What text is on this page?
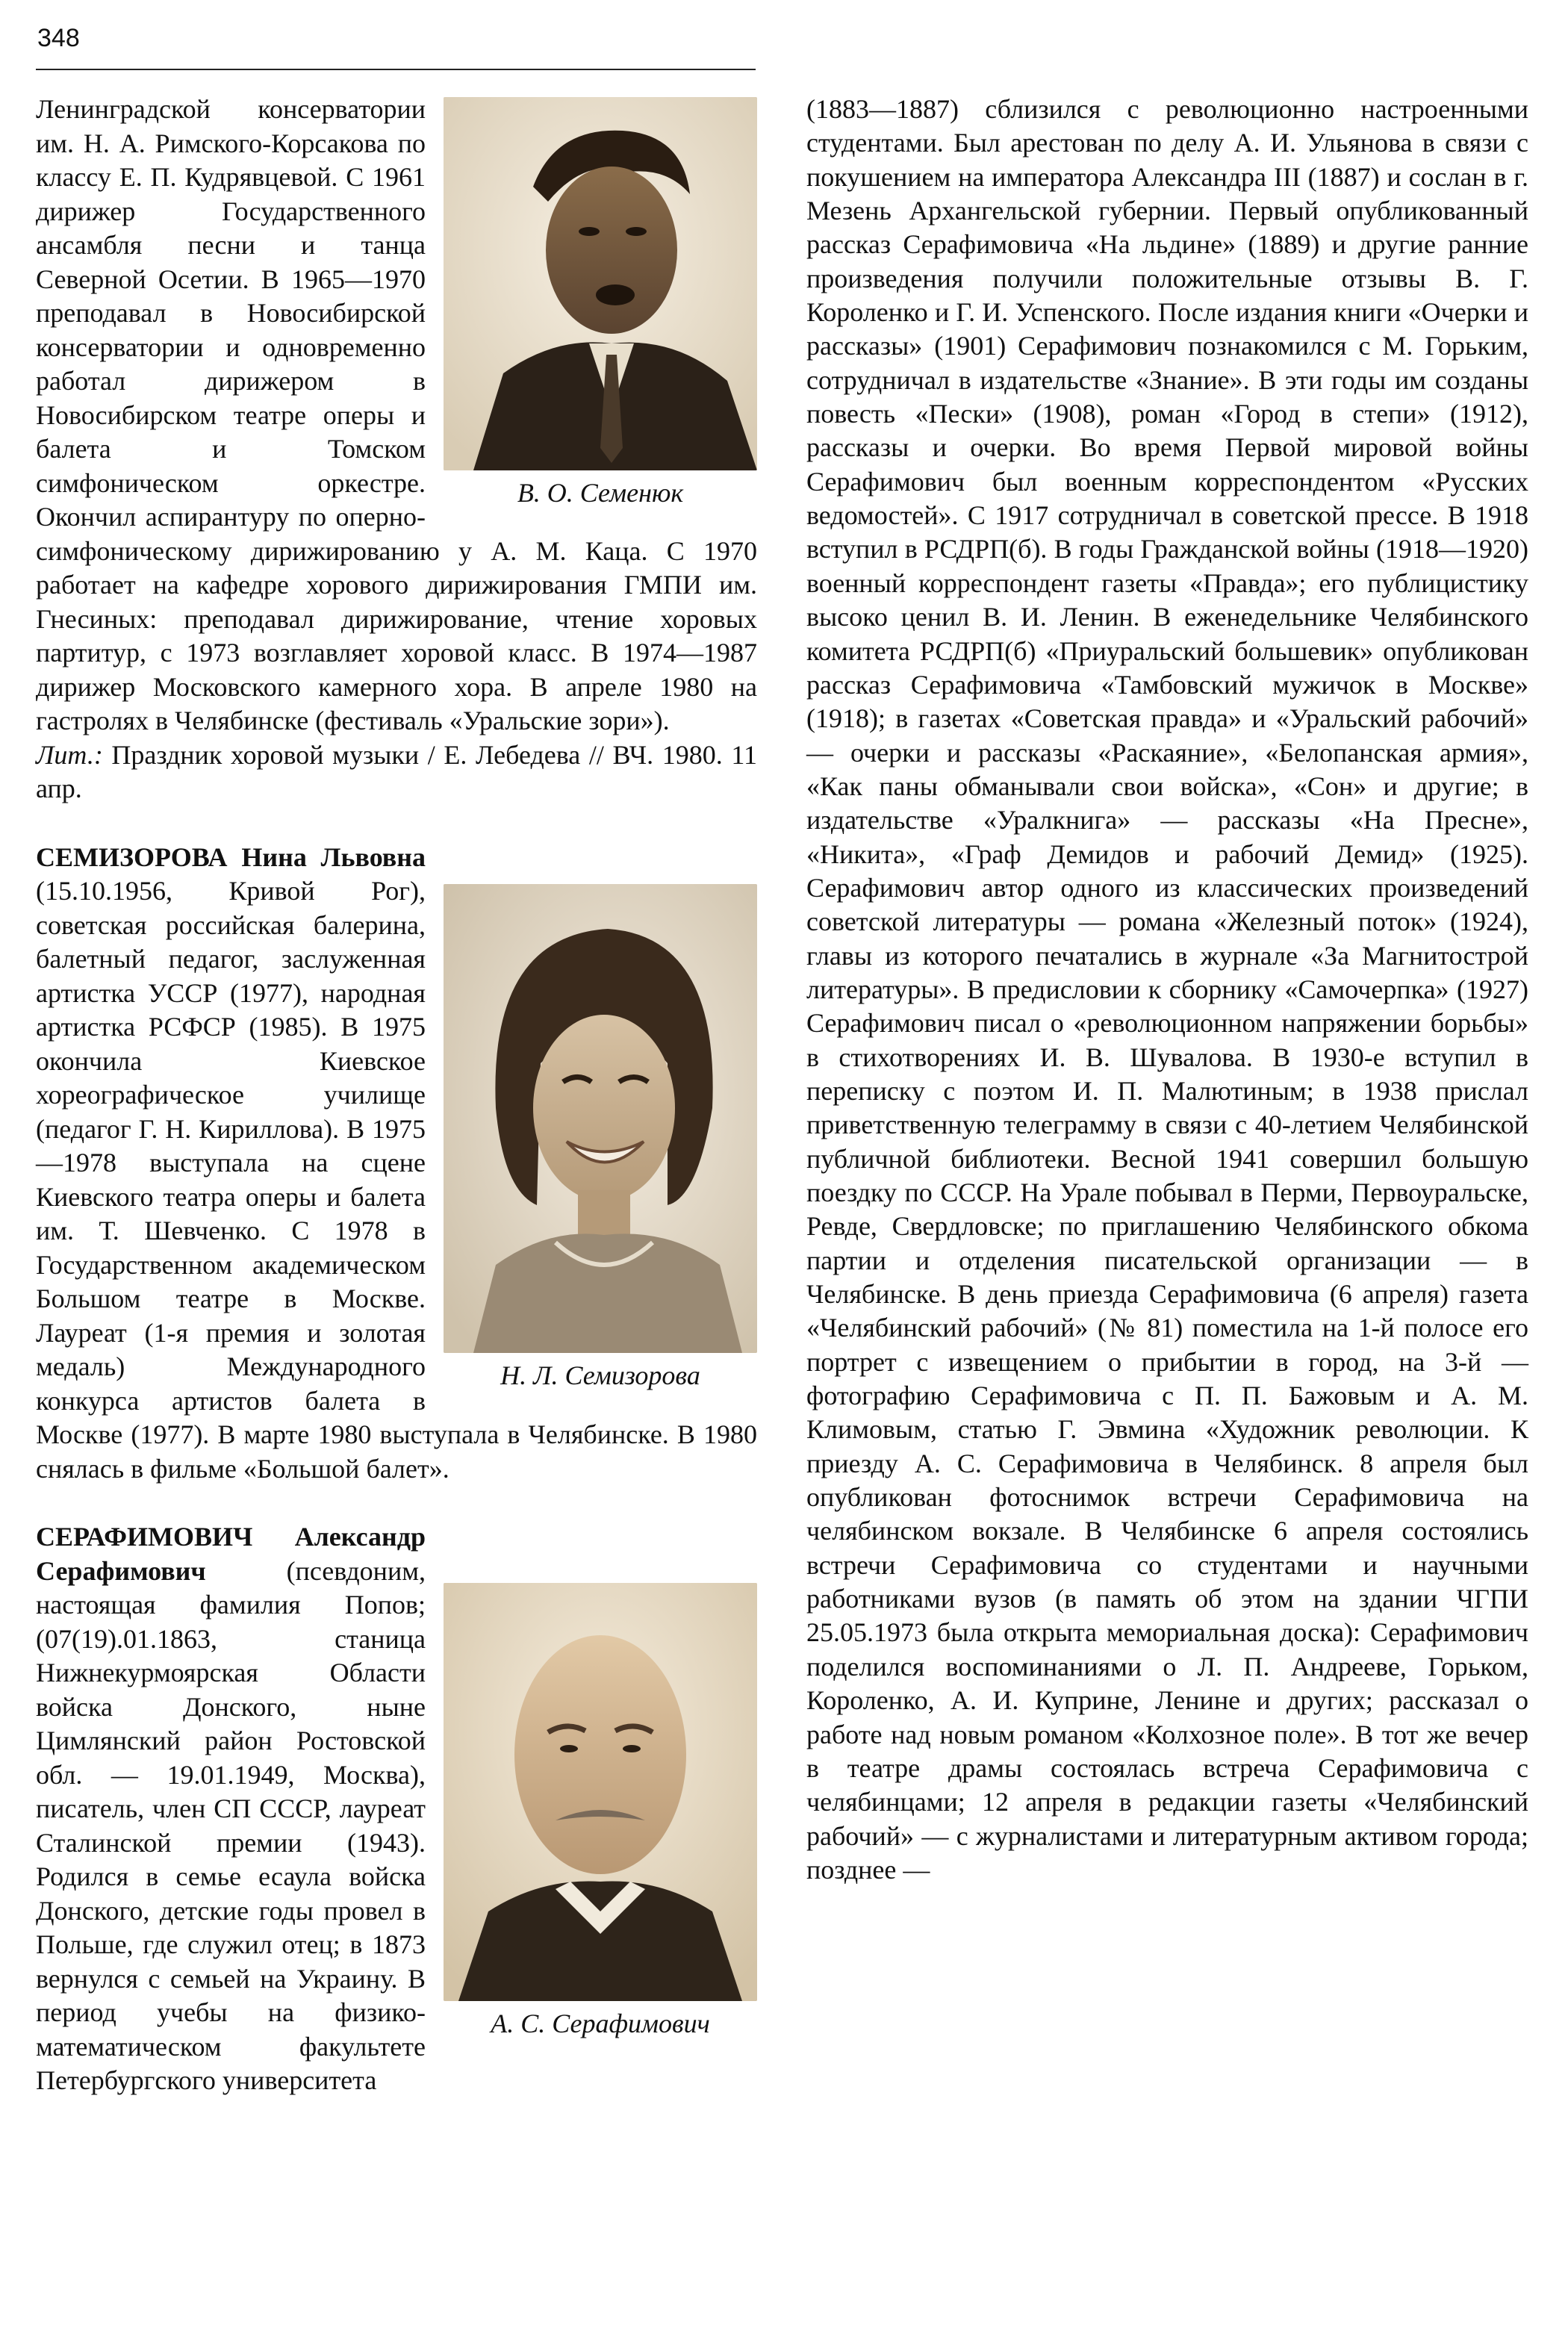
348
В. О. Семенюк

Ленинградской консерватории им. Н. А. Римского-Корсакова по классу Е. П. Кудрявцевой. С 1961 дирижер Государственного ансамбля песни и танца Северной Осетии. В 1965—1970 преподавал в Новосибирской консерватории и одновременно работал дирижером в Новосибирском театре оперы и балета и Томском симфоническом оркестре. Окончил аспирантуру по оперно-симфоническому дирижированию у А. М. Каца. С 1970 работает на кафедре хорового дирижирования ГМПИ им. Гнесиных: преподавал дирижирование, чтение хоровых партитур, с 1973 возглавляет хоровой класс. В 1974—1987 дирижер Московского камерного хора. В апреле 1980 на гастролях в Челябинске (фестиваль «Уральские зори»).
Лит.: Праздник хоровой музыки / Е. Лебедева // ВЧ. 1980. 11 апр.

Н. Л. Семизорова

СЕМИЗОРОВА Нина Львовна (15.10.1956, Кривой Рог), советская российская балерина, балетный педагог, заслуженная артистка УССР (1977), народная артистка РСФСР (1985). В 1975 окончила Киевское хореографическое училище (педагог Г. Н. Кириллова). В 1975—1978 выступала на сцене Киевского театра оперы и балета им. Т. Шевченко. С 1978 в Государственном академическом Большом театре в Москве. Лауреат (1-я премия и золотая медаль) Международного конкурса артистов балета в Москве (1977). В марте 1980 выступала в Челябинске. В 1980 снялась в фильме «Большой балет».

А. С. Серафимович

СЕРАФИМОВИЧ Александр Серафимович (псевдоним, настоящая фамилия Попов; (07(19).01.1863, станица Нижнекурмоярская Области войска Донского, ныне Цимлянский район Ростовской обл. — 19.01.1949, Москва), писатель, член СП СССР, лауреат Сталинской премии (1943). Родился в семье есаула войска Донского, детские годы провел в Польше, где служил отец; в 1873 вернулся с семьей на Украину. В период учебы на физико-математическом факультете Петербургского университета

(1883—1887) сблизился с революционно настроенными студентами. Был арестован по делу А. И. Ульянова в связи с покушением на императора Александра III (1887) и сослан в г. Мезень Архангельской губернии. Первый опубликованный рассказ Серафимовича «На льдине» (1889) и другие ранние произведения получили положительные отзывы В. Г. Короленко и Г. И. Успенского. После издания книги «Очерки и рассказы» (1901) Серафимович познакомился с М. Горьким, сотрудничал в издательстве «Знание». В эти годы им созданы повесть «Пески» (1908), роман «Город в степи» (1912), рассказы и очерки. Во время Первой мировой войны Серафимович был военным корреспондентом «Русских ведомостей». С 1917 сотрудничал в советской прессе. В 1918 вступил в РСДРП(б). В годы Гражданской войны (1918—1920) военный корреспондент газеты «Правда»; его публицистику высоко ценил В. И. Ленин. В еженедельнике Челябинского комитета РСДРП(б) «Приуральский большевик» опубликован рассказ Серафимовича «Тамбовский мужичок в Москве» (1918); в газетах «Советская правда» и «Уральский рабочий» — очерки и рассказы «Раскаяние», «Белопанская армия», «Как паны обманывали свои войска», «Сон» и другие; в издательстве «Уралкнига» — рассказы «На Пресне», «Никита», «Граф Демидов и рабочий Демид» (1925). Серафимович автор одного из классических произведений советской литературы — романа «Железный поток» (1924), главы из которого печатались в журнале «За Магнитострой литературы». В предисловии к сборнику «Самочерпка» (1927) Серафимович писал о «революционном напряжении борьбы» в стихотворениях И. В. Шувалова. В 1930-е вступил в переписку с поэтом И. П. Малютиным; в 1938 прислал приветственную телеграмму в связи с 40-летием Челябинской публичной библиотеки. Весной 1941 совершил большую поездку по СССР. На Урале побывал в Перми, Первоуральске, Ревде, Свердловске; по приглашению Челябинского обкома партии и отделения писательской организации — в Челябинске. В день приезда Серафимовича (6 апреля) газета «Челябинский рабочий» (№ 81) поместила на 1-й полосе его портрет с извещением о прибытии в город, на 3-й — фотографию Серафимовича с П. П. Бажовым и А. М. Климовым, статью Г. Эвмина «Художник революции. К приезду А. С. Серафимовича в Челябинск. 8 апреля был опубликован фотоснимок встречи Серафимовича на челябинском вокзале. В Челябинске 6 апреля состоялись встречи Серафимовича со студентами и научными работниками вузов (в память об этом на здании ЧГПИ 25.05.1973 была открыта мемориальная доска): Серафимович поделился воспоминаниями о Л. П. Андрееве, Горьком, Короленко, А. И. Куприне, Ленине и других; рассказал о работе над новым романом «Колхозное поле». В тот же вечер в театре драмы состоялась встреча Серафимовича с челябинцами; 12 апреля в редакции газеты «Челябинский рабочий» — с журналистами и литературным активом города; позднее —
